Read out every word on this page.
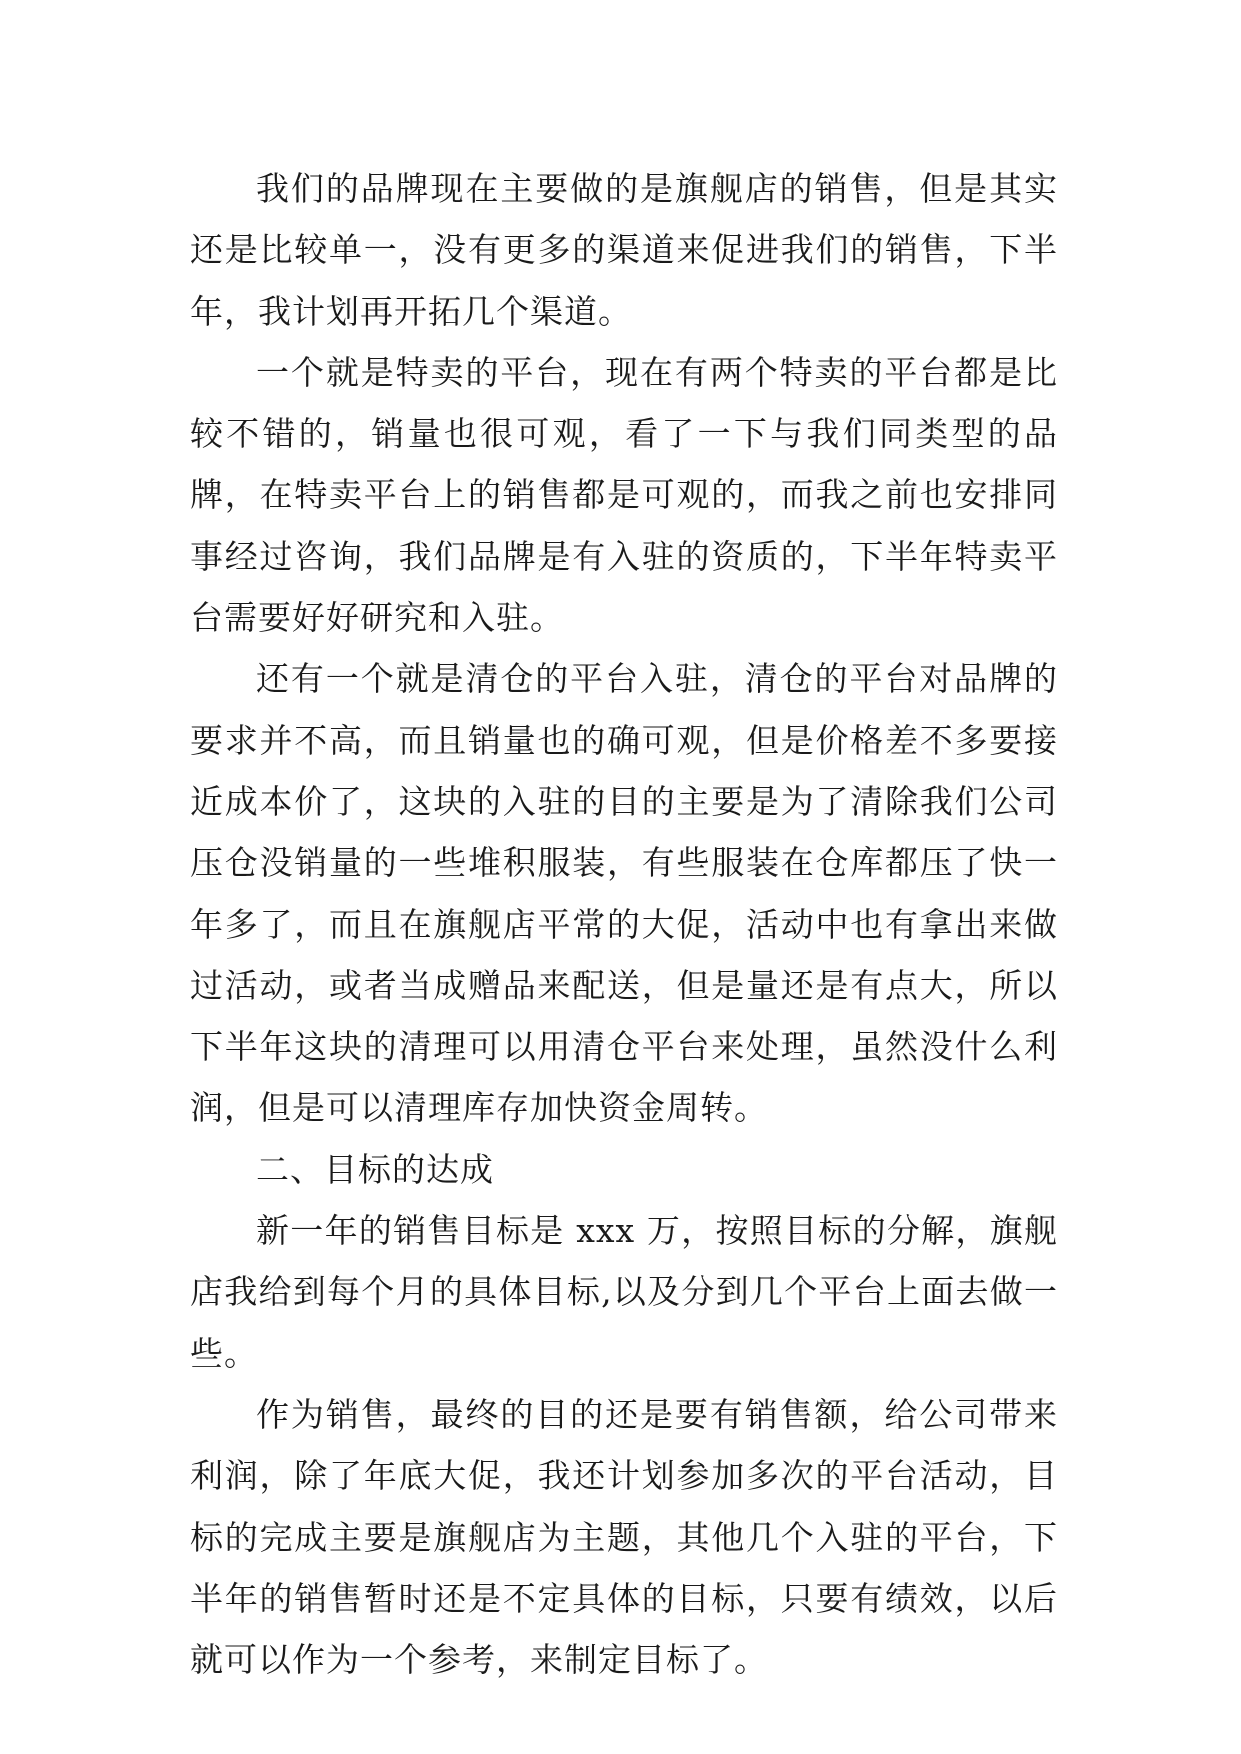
我们的品牌现在主要做的是旗舰店的销售，但是其实还是比较单一，没有更多的渠道来促进我们的销售，下半年，我计划再开拓几个渠道。

一个就是特卖的平台，现在有两个特卖的平台都是比较不错的，销量也很可观，看了一下与我们同类型的品牌，在特卖平台上的销售都是可观的，而我之前也安排同事经过咨询，我们品牌是有入驻的资质的，下半年特卖平台需要好好研究和入驻。

还有一个就是清仓的平台入驻，清仓的平台对品牌的要求并不高，而且销量也的确可观，但是价格差不多要接近成本价了，这块的入驻的目的主要是为了清除我们公司压仓没销量的一些堆积服装，有些服装在仓库都压了快一年多了，而且在旗舰店平常的大促，活动中也有拿出来做过活动，或者当成赠品来配送，但是量还是有点大，所以下半年这块的清理可以用清仓平台来处理，虽然没什么利润，但是可以清理库存加快资金周转。

二、目标的达成

新一年的销售目标是 xxx 万，按照目标的分解，旗舰店我给到每个月的具体目标,以及分到几个平台上面去做一些。

作为销售，最终的目的还是要有销售额，给公司带来利润，除了年底大促，我还计划参加多次的平台活动，目标的完成主要是旗舰店为主题，其他几个入驻的平台，下半年的销售暂时还是不定具体的目标，只要有绩效，以后就可以作为一个参考，来制定目标了。
